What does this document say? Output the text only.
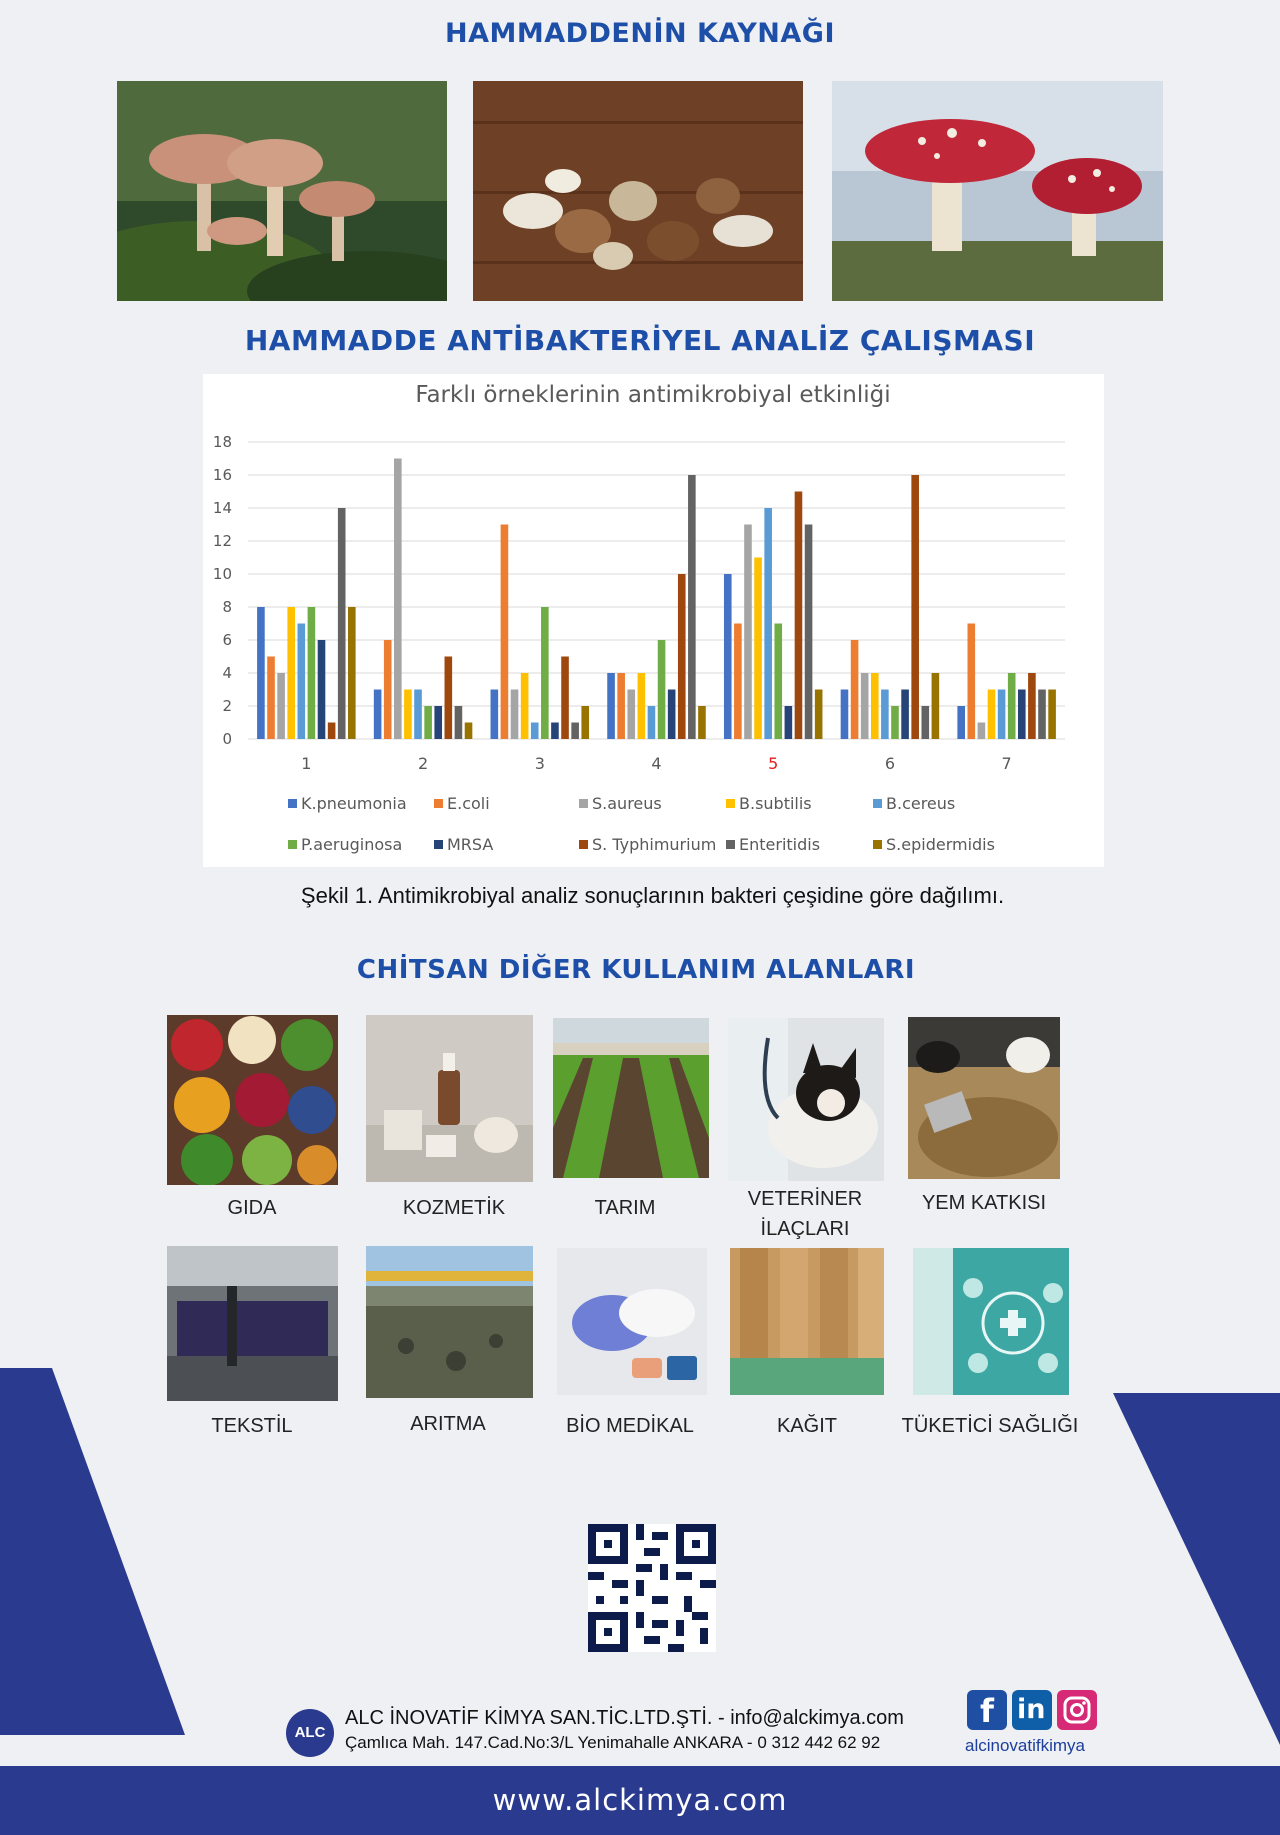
HAMMADDENİN KAYNAĞI
HAMMADDE ANTİBAKTERİYEL ANALİZ ÇALIŞMASI
CHİTSAN DİĞER KULLANIM ALANLARI
Farklı örneklerinin antimikrobiyal etkinliği
0
2
4
6
8
10
12
14
16
18
1	2	3	4	5	6	7
K.pneumonia	E.coli	S.aureus	B.subtilis	B.cereus
P.aeruginosa	MRSA	S. Typhimurium Enteritidis	S.epidermidis
Şekil 1. Antimikrobiyal analiz sonuçlarının bakteri çeşidine göre dağılımı.
GIDA	KOZMETİK	TARIM	VETERİNER İLAÇLARI
YEM KATKISI
TEKSTİL	ARITMA	BİO MEDİKAL	KAĞIT	TÜKETİCİ SAĞLIĞI
ALC
ALC İNOVATİF KİMYA SAN.TİC.LTD.ŞTİ. - info@alckimya.com
Çamlıca Mah. 147.Cad.No:3/L Yenimahalle ANKARA - 0 312 442 62 92
f in
alcinovatifkimya
www.alckimya.com
